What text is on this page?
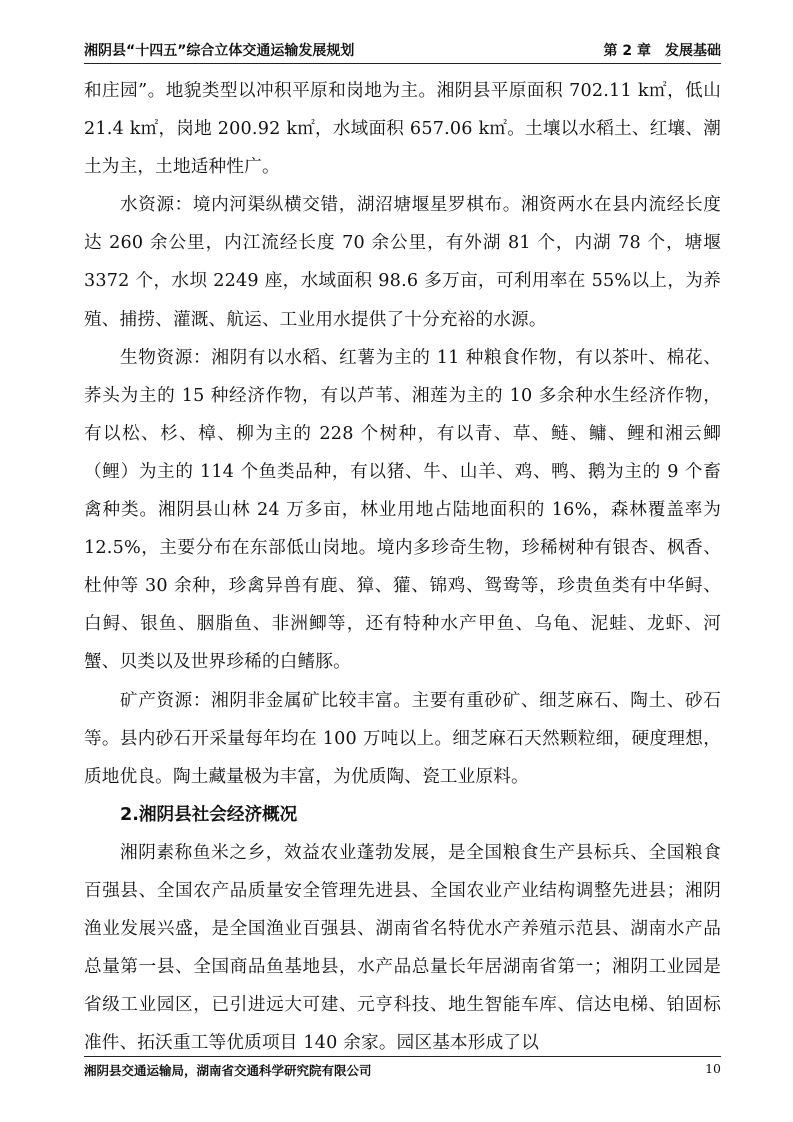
湘阴县“十四五”综合立体交通运输发展规划	第 2 章 发展基础

和庄园”。地貌类型以冲积平原和岗地为主。湘阴县平原面积 702.11 k㎡，低山 21.4 k㎡，岗地 200.92 k㎡，水域面积 657.06 k㎡。土壤以水稻土、红壤、潮土为主，土地适种性广。

水资源：境内河渠纵横交错，湖沼塘堰星罗棋布。湘资两水在县内流经长度达 260 余公里，内江流经长度 70 余公里，有外湖 81 个，内湖 78 个，塘堰 3372 个，水坝 2249 座，水域面积 98.6 多万亩，可利用率在 55%以上，为养殖、捕捞、灌溉、航运、工业用水提供了十分充裕的水源。

生物资源：湘阴有以水稻、红薯为主的 11 种粮食作物，有以茶叶、棉花、荞头为主的 15 种经济作物，有以芦苇、湘莲为主的 10 多余种水生经济作物，有以松、杉、樟、柳为主的 228 个树种，有以青、草、鲢、鳙、鲤和湘云鲫（鲤）为主的 114 个鱼类品种，有以猪、牛、山羊、鸡、鸭、鹅为主的 9 个畜禽种类。湘阴县山林 24 万多亩，林业用地占陆地面积的 16%，森林覆盖率为 12.5%，主要分布在东部低山岗地。境内多珍奇生物，珍稀树种有银杏、枫香、杜仲等 30 余种，珍禽异兽有鹿、獐、獾、锦鸡、鸳鸯等，珍贵鱼类有中华鲟、白鲟、银鱼、胭脂鱼、非洲鲫等，还有特种水产甲鱼、乌龟、泥蛙、龙虾、河蟹、贝类以及世界珍稀的白鳍豚。

矿产资源：湘阴非金属矿比较丰富。主要有重砂矿、细芝麻石、陶土、砂石等。县内砂石开采量每年均在 100 万吨以上。细芝麻石天然颗粒细，硬度理想，质地优良。陶土藏量极为丰富，为优质陶、瓷工业原料。

2.湘阴县社会经济概况

湘阴素称鱼米之乡，效益农业蓬勃发展，是全国粮食生产县标兵、全国粮食百强县、全国农产品质量安全管理先进县、全国农业产业结构调整先进县；湘阴渔业发展兴盛，是全国渔业百强县、湖南省名特优水产养殖示范县、湖南水产品总量第一县、全国商品鱼基地县，水产品总量长年居湖南省第一；湘阴工业园是省级工业园区，已引进远大可建、元亨科技、地生智能车库、信达电梯、铂固标准件、拓沃重工等优质项目 140 余家。园区基本形成了以

湘阴县交通运输局，湖南省交通科学研究院有限公司	10
